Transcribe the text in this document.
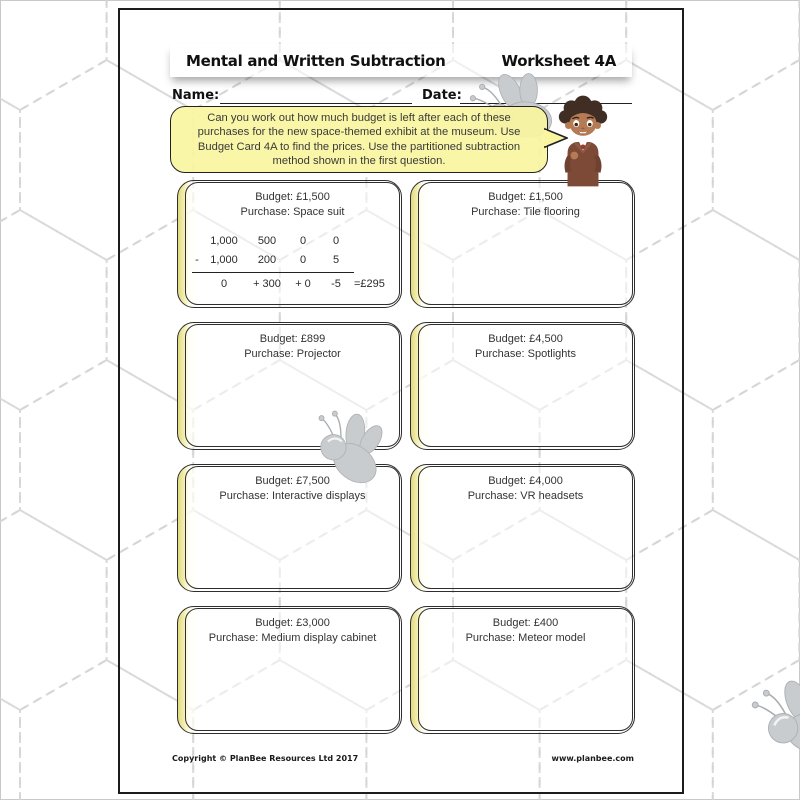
Mental and Written Subtraction	Worksheet 4A
Name:	Date:

Can you work out how much budget is left after each of these purchases for the new space-themed exhibit at the museum. Use Budget Card 4A to find the prices. Use the partitioned subtraction method shown in the first question.

Budget: £1,500
Purchase: Space suit
1,000 500 0 0
- 1,000 200 0 5
0 + 300 + 0 -5 =£295
Budget: £1,500
Purchase: Tile flooring
Budget: £899
Purchase: Projector
Budget: £4,500
Purchase: Spotlights
Budget: £7,500
Purchase: Interactive displays
Budget: £4,000
Purchase: VR headsets
Budget: £3,000
Purchase: Medium display cabinet
Budget: £400
Purchase: Meteor model
Copyright © PlanBee Resources Ltd 2017	www.planbee.com
